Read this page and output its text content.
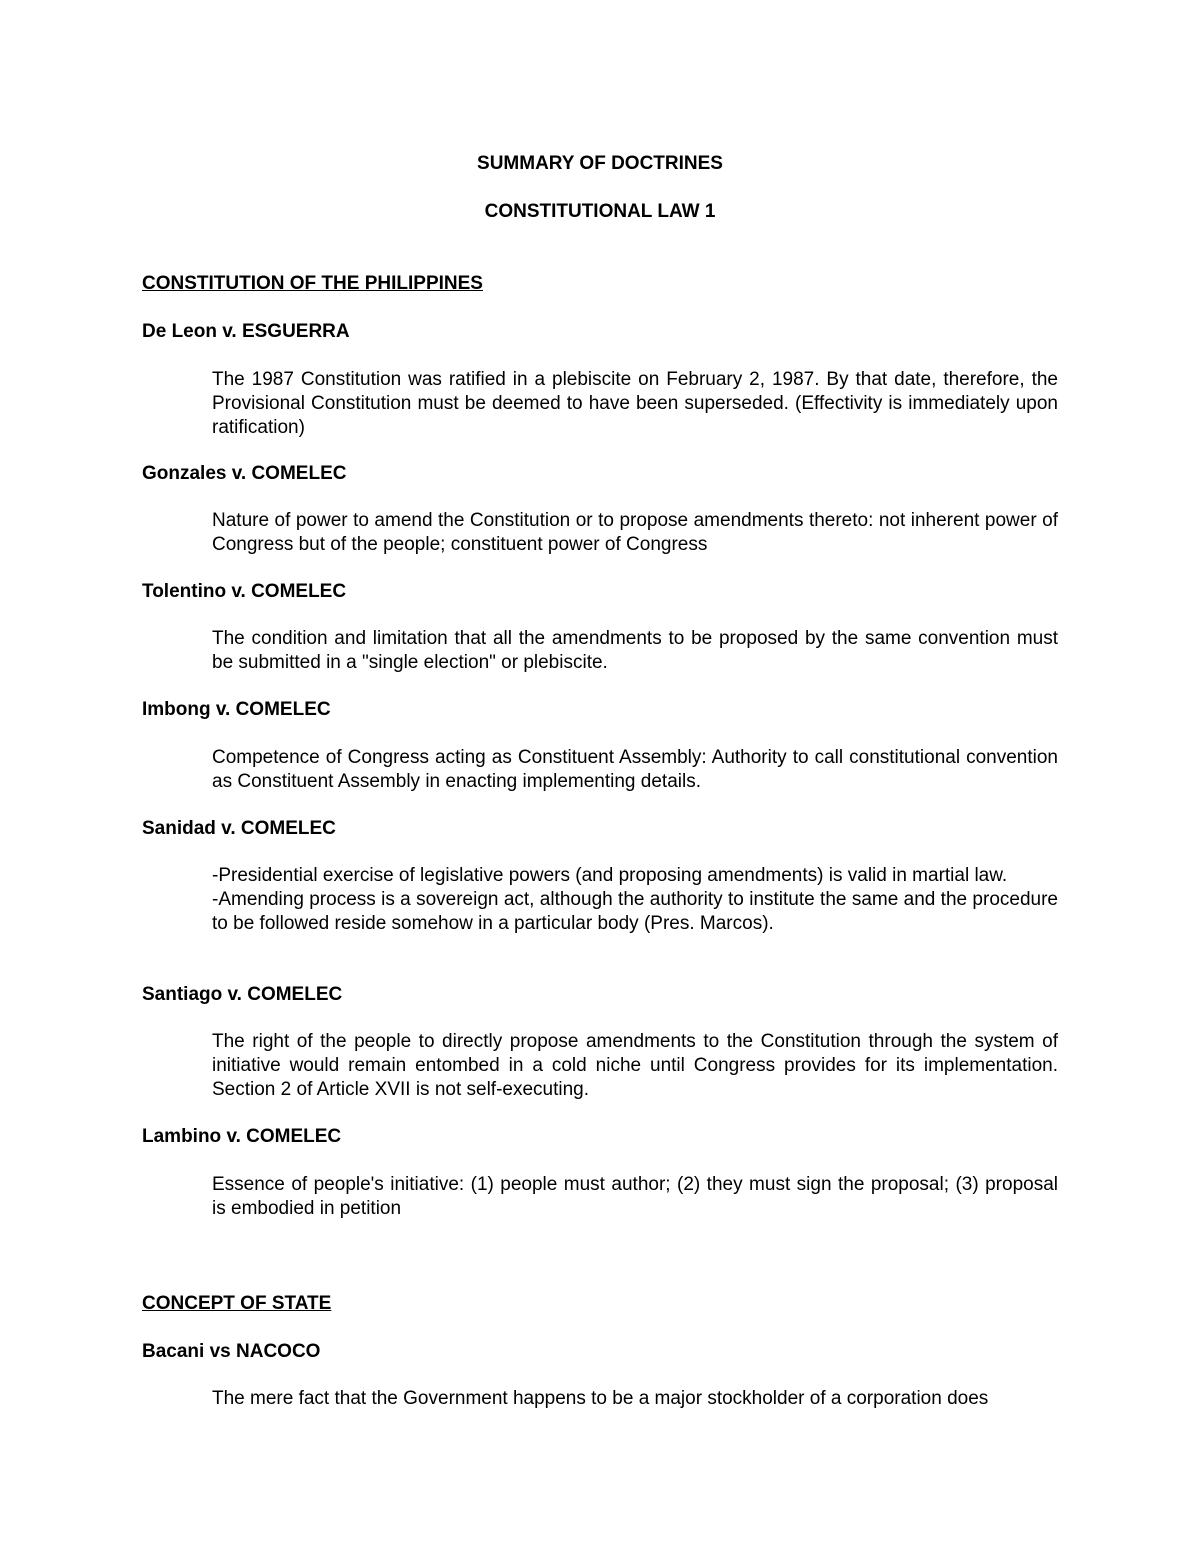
SUMMARY OF DOCTRINES
CONSTITUTIONAL LAW 1
CONSTITUTION OF THE PHILIPPINES
De Leon v. ESGUERRA

The 1987 Constitution was ratified in a plebiscite on February 2, 1987. By that date, therefore, the Provisional Constitution must be deemed to have been superseded. (Effectivity is immediately upon ratification)

Gonzales v. COMELEC

Nature of power to amend the Constitution or to propose amendments thereto: not inherent power of Congress but of the people; constituent power of Congress

Tolentino v. COMELEC

The condition and limitation that all the amendments to be proposed by the same convention must be submitted in a "single election" or plebiscite.

Imbong v. COMELEC

Competence of Congress acting as Constituent Assembly: Authority to call constitutional convention as Constituent Assembly in enacting implementing details.

Sanidad v. COMELEC

-Presidential exercise of legislative powers (and proposing amendments) is valid in martial law.

-Amending process is a sovereign act, although the authority to institute the same and the procedure to be followed reside somehow in a particular body (Pres. Marcos).

Santiago v. COMELEC

The right of the people to directly propose amendments to the Constitution through the system of initiative would remain entombed in a cold niche until Congress provides for its implementation. Section 2 of Article XVII is not self-executing.

Lambino v. COMELEC

Essence of people's initiative: (1) people must author; (2) they must sign the proposal; (3) proposal is embodied in petition

CONCEPT OF STATE
Bacani vs NACOCO

The mere fact that the Government happens to be a major stockholder of a corporation does
